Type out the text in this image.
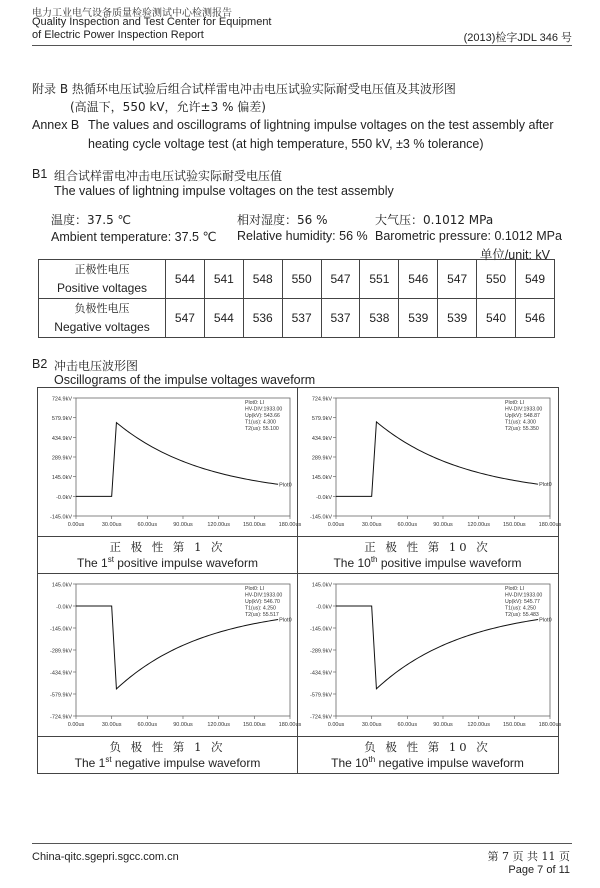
电力工业电气设备质量检验测试中心检测报告
Quality Inspection and Test Center for Equipment
of Electric Power Inspection Report	(2013)检字JDL 346 号
附录 B 热循环电压试验后组合试样雷电冲击电压试验实际耐受电压值及其波形图
(高温下，550 kV，允许±3 % 偏差)
Annex B The values and oscillograms of lightning impulse voltages on the test assembly after
heating cycle voltage test (at high temperature, 550 kV, ±3 % tolerance)
B1 组合试样雷电冲击电压试验实际耐受电压值
The values of lightning impulse voltages on the test assembly
温度：37.5 ℃	相对湿度：56 %	大气压：0.1012 MPa
Ambient temperature: 37.5 ℃ Relative humidity: 56 % Barometric pressure: 0.1012 MPa
单位/unit: kV
正极性电压
Positive voltages	544	541	548	550	547	551	546	547	550	549

负极性电压
Negative voltages	547	544	536	537	537	538	539	539	540	546
B2 冲击电压波形图
Oscillograms of the impulse voltages waveform
724.9kV
579.9kV
434.9kV
289.9kV
145.0kV
-0.0kV
-145.0kV
0.00us	30.00us	60.00us	90.00us	120.00us 150.00us 180.00us
Plot0: LI
HV-DIV:1933.00
Up(kV): 543.66
T1(us): 4.300
T2(us): 55.100
Plot0
正 极 性 第 1 次
The 1st positive impulse waveform
724.9kV
579.9kV
434.9kV
289.9kV
145.0kV
-0.0kV
-145.0kV
0.00us	30.00us	60.00us	90.00us	120.00us 150.00us 180.00us
Plot0: LI
HV-DIV:1933.00
Up(kV): 548.87
T1(us): 4.300
T2(us): 55.350
Plot0
正 极 性 第 10 次
The 10th positive impulse waveform
145.0kV
-0.0kV
-145.0kV
-289.9kV
-434.9kV
-579.9kV
-724.9kV
0.00us	30.00us	60.00us	90.00us	120.00us 150.00us 180.00us
Plot0: LI
HV-DIV:1933.00
Up(kV): 546.70
T1(us): 4.250
T2(us): 55.517
Plot0
负 极 性 第 1 次
The 1st negative impulse waveform
145.0kV
-0.0kV
-145.0kV
-289.9kV
-434.9kV
-579.9kV
-724.9kV
0.00us	30.00us	60.00us	90.00us	120.00us 150.00us 180.00us
Plot0: LI
HV-DIV:1933.00
Up(kV): 545.77
T1(us): 4.250
T2(us): 55.483
Plot0
负 极 性 第 10 次
The 10th negative impulse waveform
China-qitc.sgepri.sgcc.com.cn	第 7 页 共 11 页
Page 7 of 11
